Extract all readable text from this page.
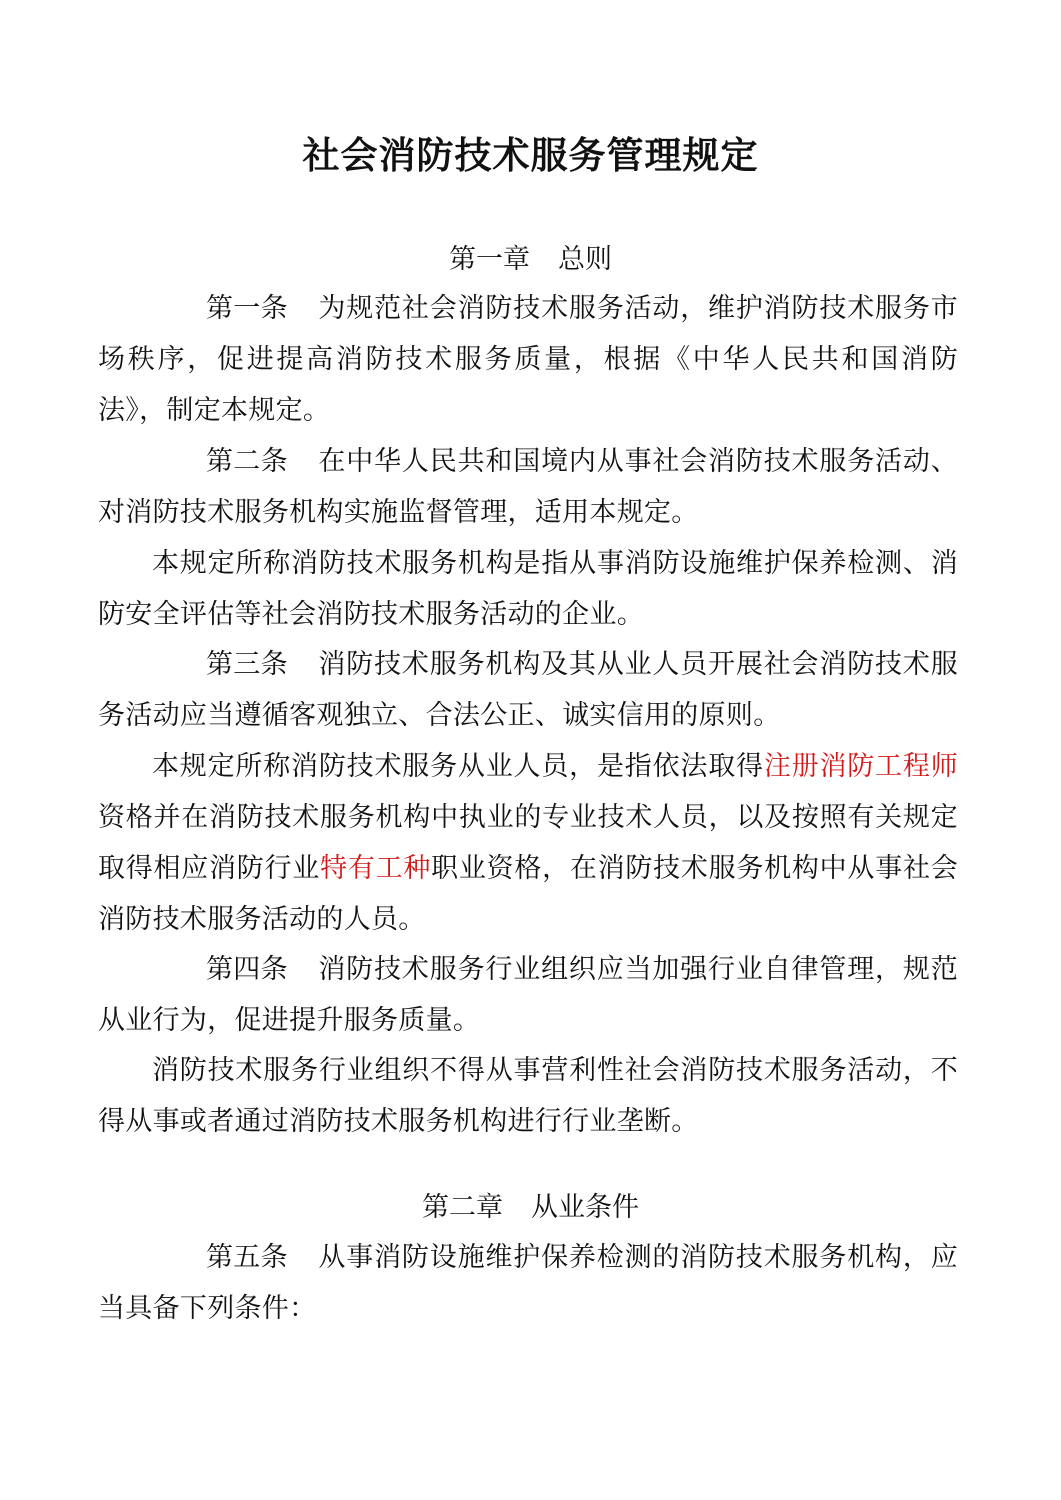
社会消防技术服务管理规定
第一章 总则

第一条 为规范社会消防技术服务活动，维护消防技术服务市场秩序，促进提高消防技术服务质量，根据《中华人民共和国消防法》，制定本规定。

第二条 在中华人民共和国境内从事社会消防技术服务活动、对消防技术服务机构实施监督管理，适用本规定。

本规定所称消防技术服务机构是指从事消防设施维护保养检测、消防安全评估等社会消防技术服务活动的企业。

第三条 消防技术服务机构及其从业人员开展社会消防技术服务活动应当遵循客观独立、合法公正、诚实信用的原则。

本规定所称消防技术服务从业人员，是指依法取得注册消防工程师资格并在消防技术服务机构中执业的专业技术人员，以及按照有关规定取得相应消防行业特有工种职业资格，在消防技术服务机构中从事社会消防技术服务活动的人员。

第四条 消防技术服务行业组织应当加强行业自律管理，规范从业行为，促进提升服务质量。

消防技术服务行业组织不得从事营利性社会消防技术服务活动，不得从事或者通过消防技术服务机构进行行业垄断。

第二章 从业条件

第五条 从事消防设施维护保养检测的消防技术服务机构，应当具备下列条件：
